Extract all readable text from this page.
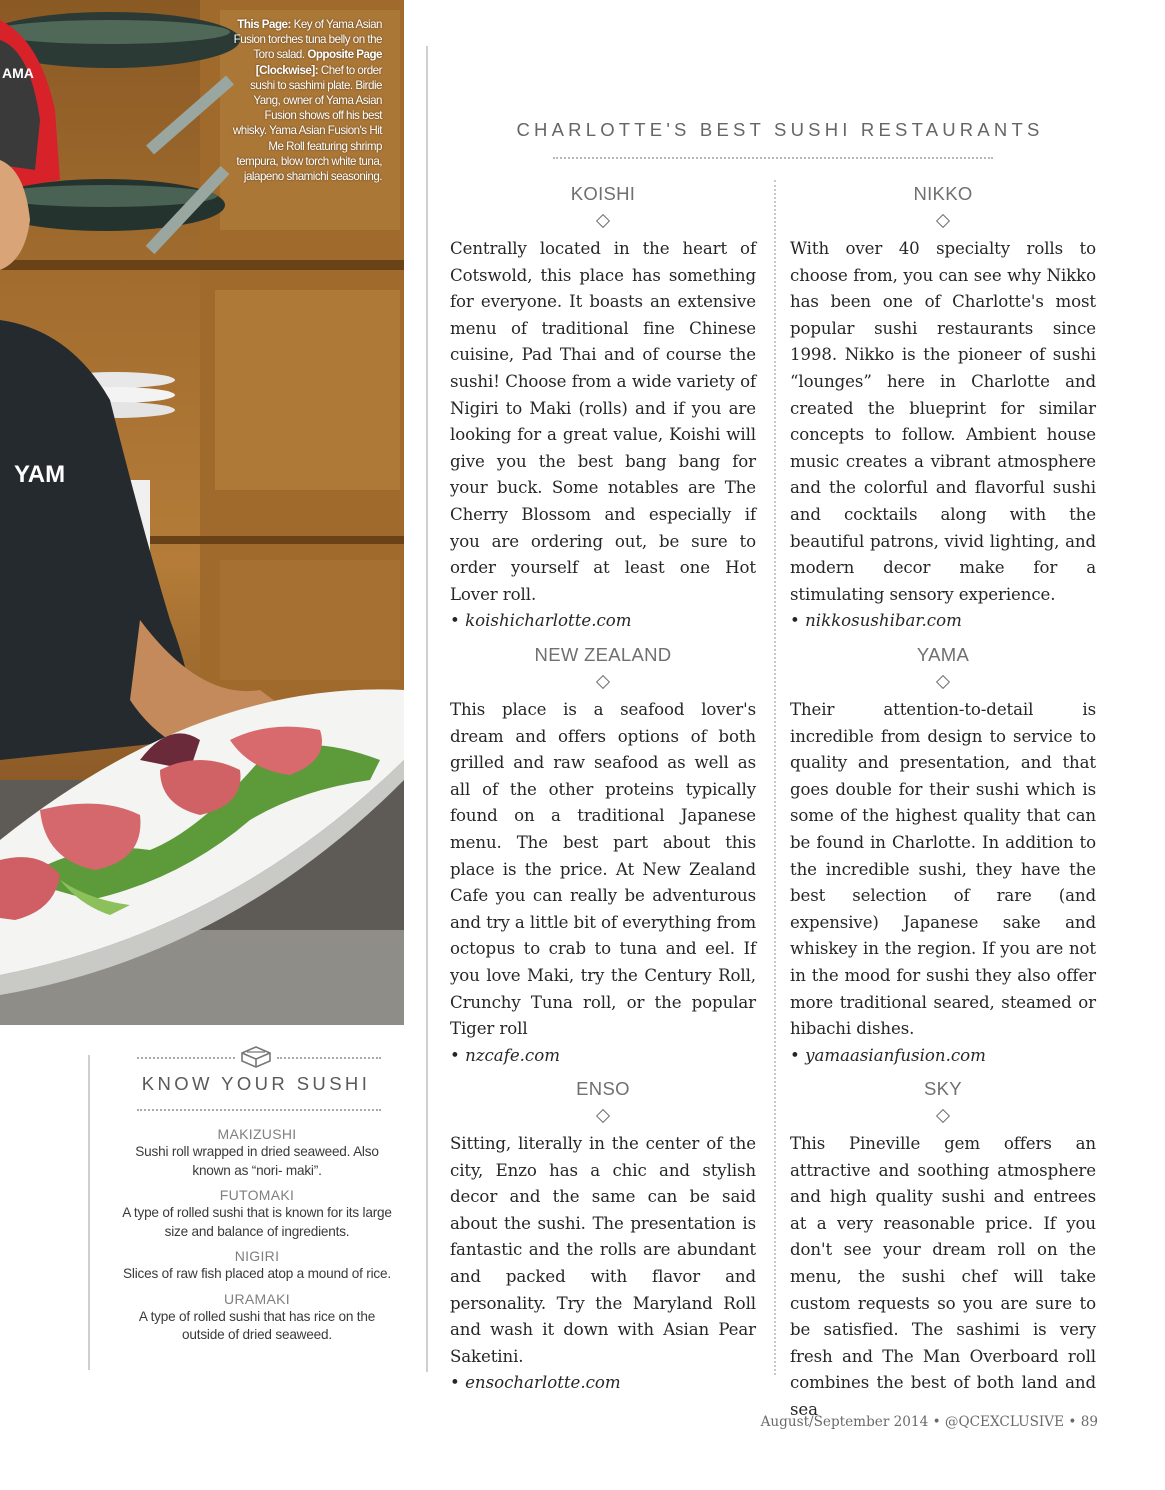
AMA
YAM
This Page: Key of Yama Asian Fusion torches tuna belly on the Toro salad. Opposite Page [Clockwise]: Chef to order sushi to sashimi plate. Birdie Yang, owner of Yama Asian Fusion shows off his best whisky. Yama Asian Fusion's Hit Me Roll featuring shrimp tempura, blow torch white tuna, jalapeno shamichi seasoning.
CHARLOTTE'S BEST SUSHI RESTAURANTS
KOISHI
Centrally located in the heart of Cotswold, this place has something for everyone. It boasts an extensive menu of traditional fine Chinese cuisine, Pad Thai and of course the sushi! Choose from a wide variety of Nigiri to Maki (rolls) and if you are looking for a great value, Koishi will give you the best bang bang for your buck. Some notables are The Cherry Blossom and especially if you are ordering out, be sure to order yourself at least one Hot Lover roll.
• koishicharlotte.com
NIKKO
With over 40 specialty rolls to choose from, you can see why Nikko has been one of Charlotte's most popular sushi restaurants since 1998. Nikko is the pioneer of sushi “lounges” here in Charlotte and created the blueprint for similar concepts to follow. Ambient house music creates a vibrant atmosphere and the colorful and flavorful sushi and cocktails along with the beautiful patrons, vivid lighting, and modern decor make for a stimulating sensory experience.
• nikkosushibar.com
NEW ZEALAND
This place is a seafood lover's dream and offers options of both grilled and raw seafood as well as all of the other proteins typically found on a traditional Japanese menu. The best part about this place is the price. At New Zealand Cafe you can really be adventurous and try a little bit of everything from octopus to crab to tuna and eel. If you love Maki, try the Century Roll, Crunchy Tuna roll, or the popular Tiger roll
• nzcafe.com
YAMA
Their attention-to-detail is incredible from design to service to quality and presentation, and that goes double for their sushi which is some of the highest quality that can be found in Charlotte. In addition to the incredible sushi, they have the best selection of rare (and expensive) Japanese sake and whiskey in the region. If you are not in the mood for sushi they also offer more traditional seared, steamed or hibachi dishes.
• yamaasianfusion.com
ENSO
Sitting, literally in the center of the city, Enzo has a chic and stylish decor and the same can be said about the sushi. The presentation is fantastic and the rolls are abundant and packed with flavor and personality. Try the Maryland Roll and wash it down with Asian Pear Saketini.
• ensocharlotte.com
SKY
This Pineville gem offers an attractive and soothing atmosphere and high quality sushi and entrees at a very reasonable price. If you don't see your dream roll on the menu, the sushi chef will take custom requests so you are sure to be satisfied. The sashimi is very fresh and The Man Overboard roll combines the best of both land and sea
KNOW YOUR SUSHI
MAKIZUSHI
Sushi roll wrapped in dried seaweed. Also known as “nori- maki”.
FUTOMAKI
A type of rolled sushi that is known for its large size and balance of ingredients.
NIGIRI
Slices of raw fish placed atop a mound of rice.
URAMAKI
A type of rolled sushi that has rice on the outside of dried seaweed.
August/September 2014 • @QCEXCLUSIVE • 89
